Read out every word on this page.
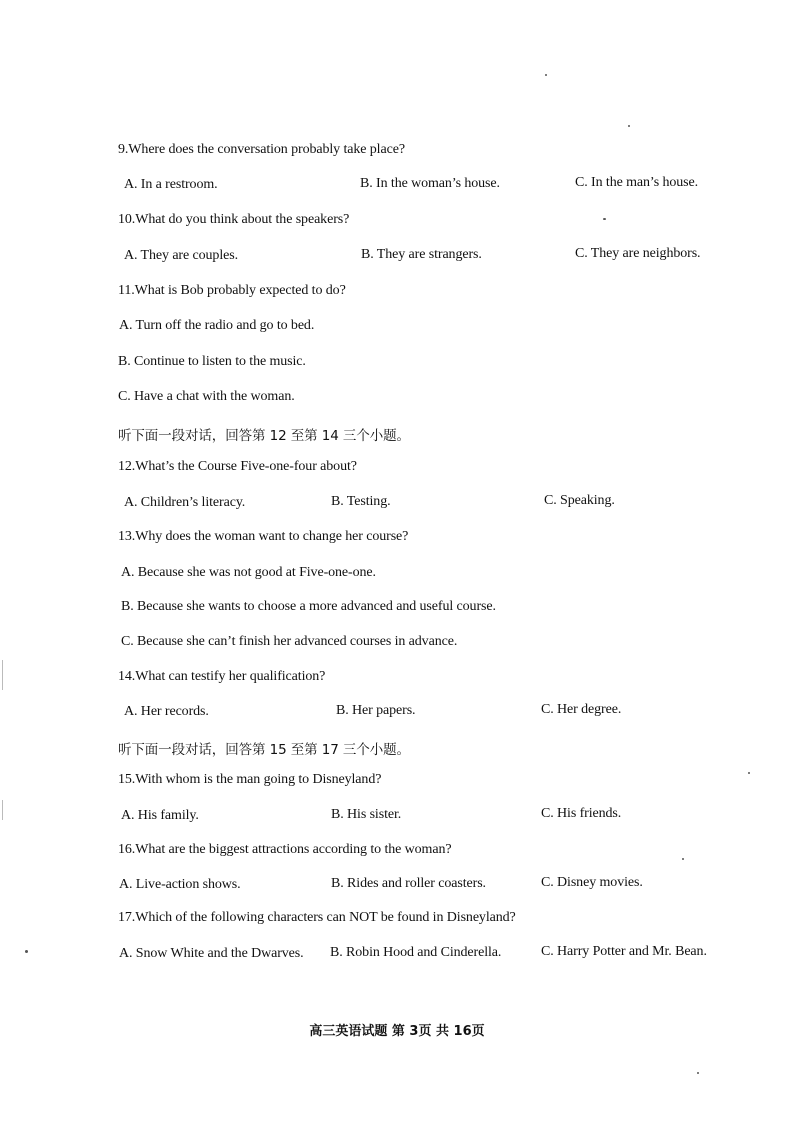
9.Where does the conversation probably take place?
A. In a restroom.	B. In the woman’s house.	C. In the man’s house.
10.What do you think about the speakers?
A. They are couples.	B. They are strangers.	C. They are neighbors.
11.What is Bob probably expected to do?
A. Turn off the radio and go to bed.
B. Continue to listen to the music.
C. Have a chat with the woman.
听下面一段对话，回答第 12 至第 14 三个小题。
12.What’s the Course Five-one-four about?
A. Children’s literacy.	B. Testing.	C. Speaking.
13.Why does the woman want to change her course?
A. Because she was not good at Five-one-one.
B. Because she wants to choose a more advanced and useful course.
C. Because she can’t finish her advanced courses in advance.
14.What can testify her qualification?
A. Her records.	B. Her papers.	C. Her degree.
听下面一段对话，回答第 15 至第 17 三个小题。
15.With whom is the man going to Disneyland?
A. His family.	B. His sister.	C. His friends.
16.What are the biggest attractions according to the woman?
A. Live-action shows.	B. Rides and roller coasters.	C. Disney movies.
17.Which of the following characters can NOT be found in Disneyland?
A. Snow White and the Dwarves. B. Robin Hood and Cinderella.	C. Harry Potter and Mr. Bean.
高三英语试题 第 3页 共 16页
